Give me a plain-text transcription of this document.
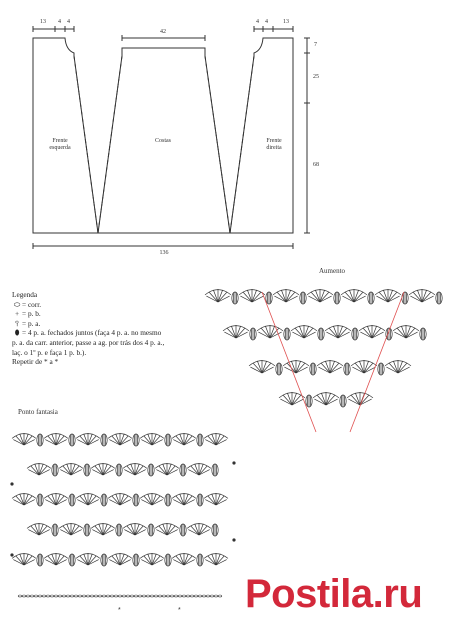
Frente
esquerda
Costas	Frente
direita
13 4 4	4 4	13
42
7
25
68
136
Legenda
⬭ = corr.
+ = p. b.
⫯ = p. a.
⬮ = 4 p. a. fechados juntos (faça 4 p. a. no mesmo
p. a. da carr. anterior, passe a ag. por trás dos 4 p. a.,
laç. o 1º p. e faça 1 p. b.).
Repetir de * a *
Aumento
Ponto fantasia
*	* Postila.ru
